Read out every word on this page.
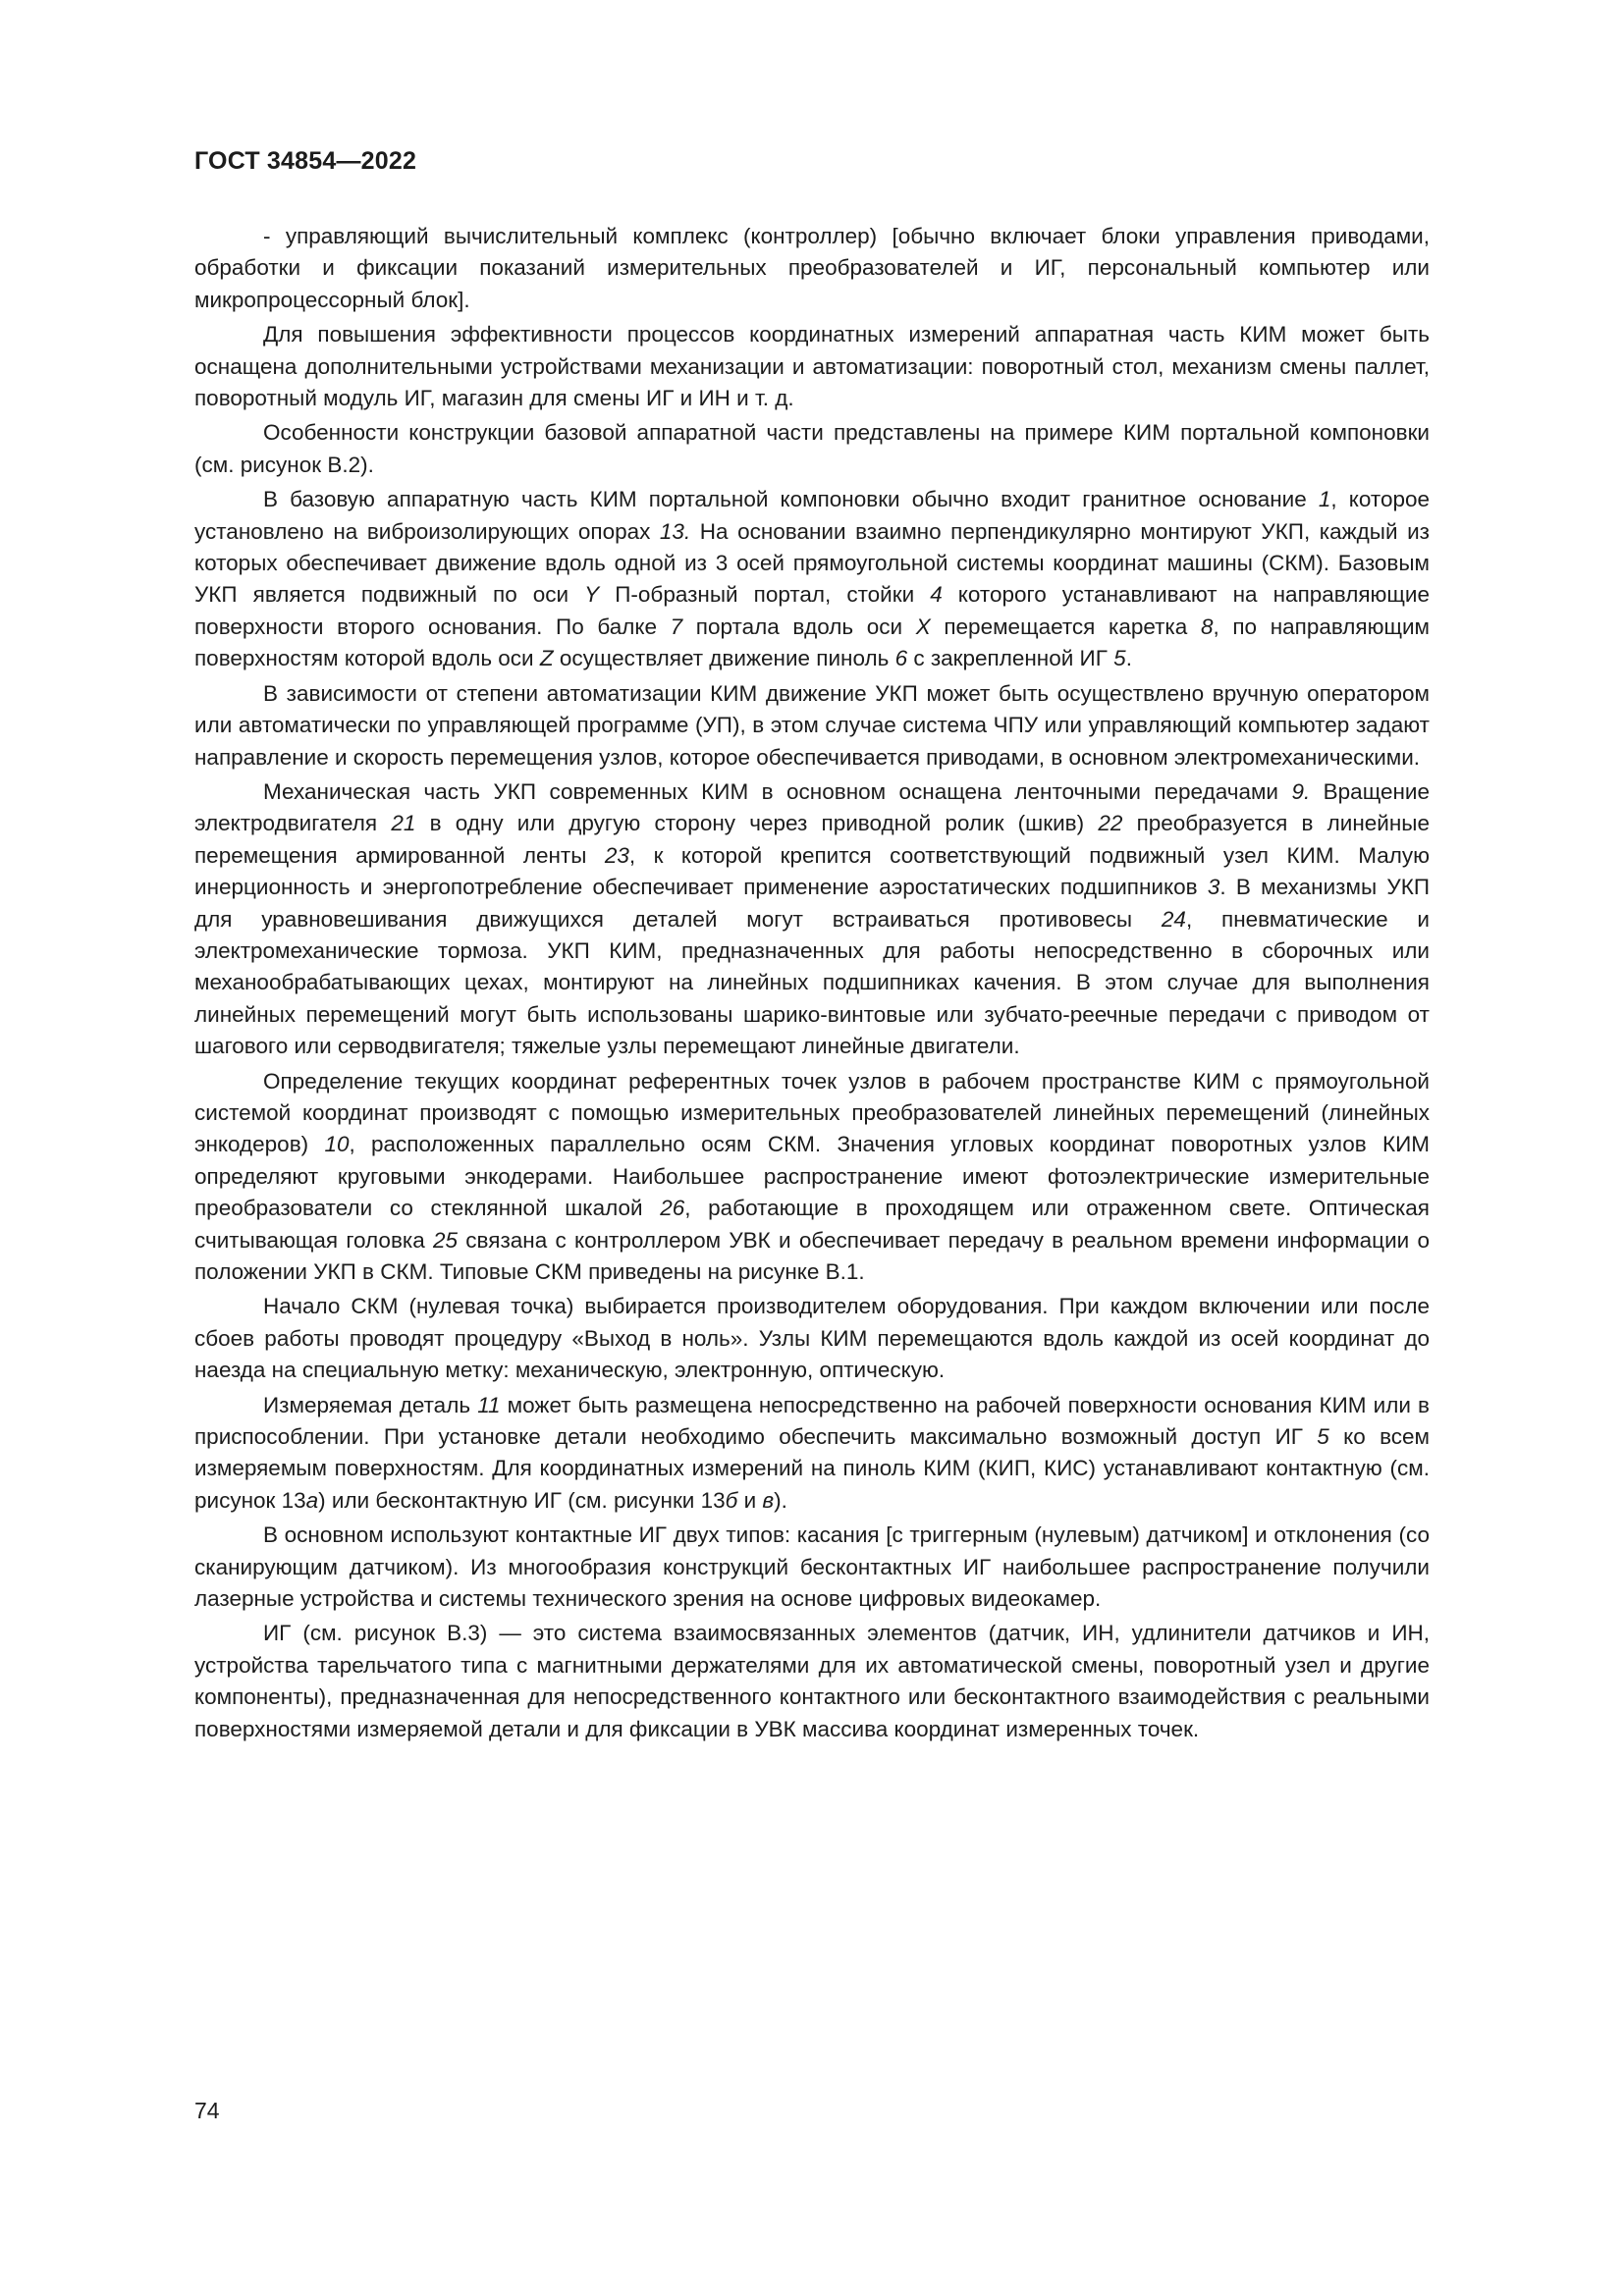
ГОСТ 34854—2022

- управляющий вычислительный комплекс (контроллер) [обычно включает блоки управления приводами, обработки и фиксации показаний измерительных преобразователей и ИГ, персональный компьютер или микропроцессорный блок].

Для повышения эффективности процессов координатных измерений аппаратная часть КИМ может быть оснащена дополнительными устройствами механизации и автоматизации: поворотный стол, механизм смены паллет, поворотный модуль ИГ, магазин для смены ИГ и ИН и т. д.

Особенности конструкции базовой аппаратной части представлены на примере КИМ портальной компоновки (см. рисунок В.2).

В базовую аппаратную часть КИМ портальной компоновки обычно входит гранитное основание 1, которое установлено на виброизолирующих опорах 13. На основании взаимно перпендикулярно монтируют УКП, каждый из которых обеспечивает движение вдоль одной из 3 осей прямоугольной системы координат машины (СКМ). Базовым УКП является подвижный по оси Y П-образный портал, стойки 4 которого устанавливают на направляющие поверхности второго основания. По балке 7 портала вдоль оси X перемещается каретка 8, по направляющим поверхностям которой вдоль оси Z осуществляет движение пиноль 6 с закрепленной ИГ 5.

В зависимости от степени автоматизации КИМ движение УКП может быть осуществлено вручную оператором или автоматически по управляющей программе (УП), в этом случае система ЧПУ или управляющий компьютер задают направление и скорость перемещения узлов, которое обеспечивается приводами, в основном электромеханическими.

Механическая часть УКП современных КИМ в основном оснащена ленточными передачами 9. Вращение электродвигателя 21 в одну или другую сторону через приводной ролик (шкив) 22 преобразуется в линейные перемещения армированной ленты 23, к которой крепится соответствующий подвижный узел КИМ. Малую инерционность и энергопотребление обеспечивает применение аэростатических подшипников 3. В механизмы УКП для уравновешивания движущихся деталей могут встраиваться противовесы 24, пневматические и электромеханические тормоза. УКП КИМ, предназначенных для работы непосредственно в сборочных или механообрабатывающих цехах, монтируют на линейных подшипниках качения. В этом случае для выполнения линейных перемещений могут быть использованы шарико-винтовые или зубчато-реечные передачи с приводом от шагового или серводвигателя; тяжелые узлы перемещают линейные двигатели.

Определение текущих координат референтных точек узлов в рабочем пространстве КИМ с прямоугольной системой координат производят с помощью измерительных преобразователей линейных перемещений (линейных энкодеров) 10, расположенных параллельно осям СКМ. Значения угловых координат поворотных узлов КИМ определяют круговыми энкодерами. Наибольшее распространение имеют фотоэлектрические измерительные преобразователи со стеклянной шкалой 26, работающие в проходящем или отраженном свете. Оптическая считывающая головка 25 связана с контроллером УВК и обеспечивает передачу в реальном времени информации о положении УКП в СКМ. Типовые СКМ приведены на рисунке В.1.

Начало СКМ (нулевая точка) выбирается производителем оборудования. При каждом включении или после сбоев работы проводят процедуру «Выход в ноль». Узлы КИМ перемещаются вдоль каждой из осей координат до наезда на специальную метку: механическую, электронную, оптическую.

Измеряемая деталь 11 может быть размещена непосредственно на рабочей поверхности основания КИМ или в приспособлении. При установке детали необходимо обеспечить максимально возможный доступ ИГ 5 ко всем измеряемым поверхностям. Для координатных измерений на пиноль КИМ (КИП, КИС) устанавливают контактную (см. рисунок 13а) или бесконтактную ИГ (см. рисунки 13б и в).

В основном используют контактные ИГ двух типов: касания [с триггерным (нулевым) датчиком] и отклонения (со сканирующим датчиком). Из многообразия конструкций бесконтактных ИГ наибольшее распространение получили лазерные устройства и системы технического зрения на основе цифровых видеокамер.

ИГ (см. рисунок В.3) — это система взаимосвязанных элементов (датчик, ИН, удлинители датчиков и ИН, устройства тарельчатого типа с магнитными держателями для их автоматической смены, поворотный узел и другие компоненты), предназначенная для непосредственного контактного или бесконтактного взаимодействия с реальными поверхностями измеряемой детали и для фиксации в УВК массива координат измеренных точек.

74
